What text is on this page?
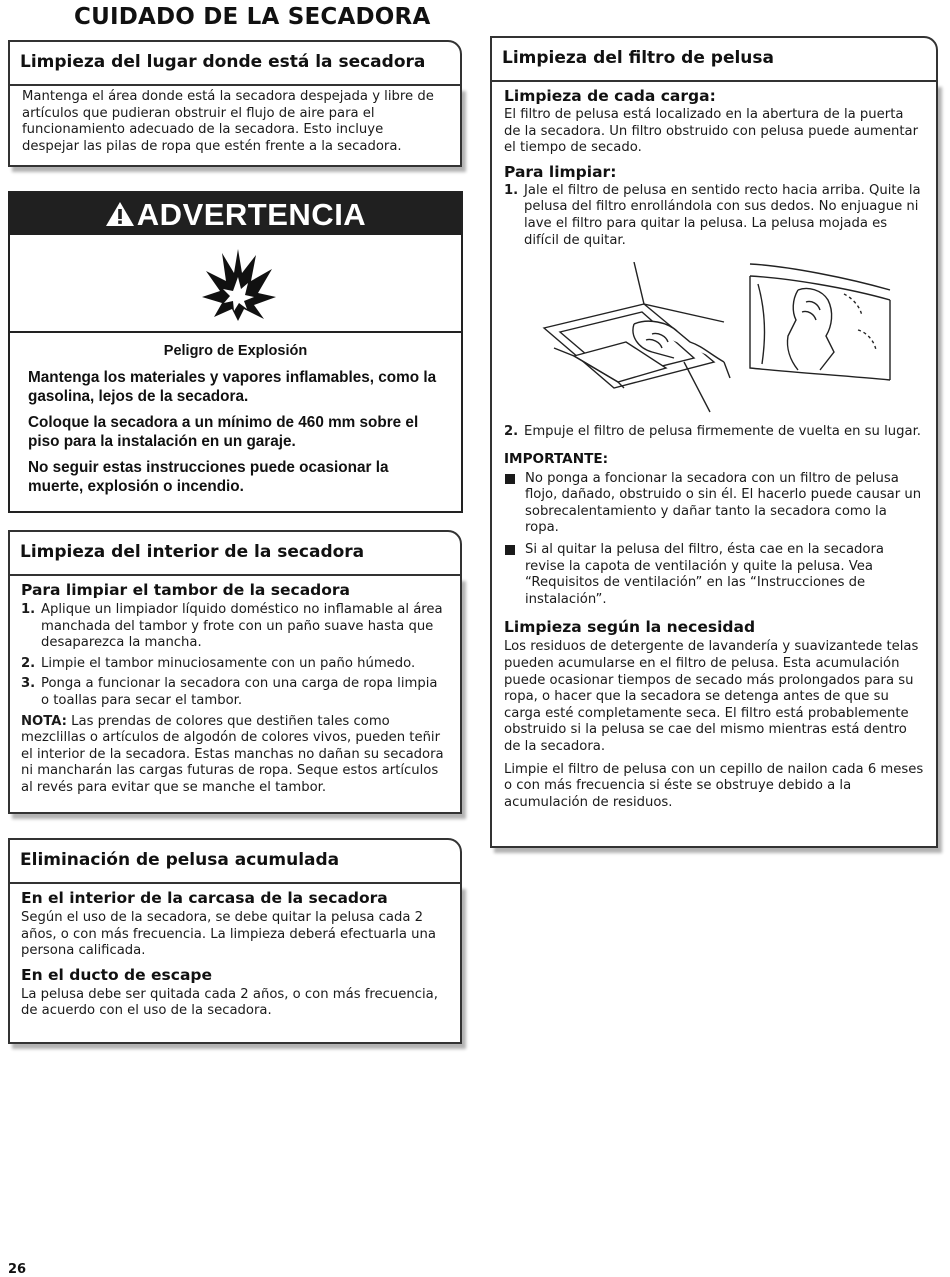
CUIDADO DE LA SECADORA
Limpieza del lugar donde está la secadora

Mantenga el área donde está la secadora despejada y libre de artículos que pudieran obstruir el flujo de aire para el funcionamiento adecuado de la secadora. Esto incluye despejar las pilas de ropa que estén frente a la secadora.

ADVERTENCIA

Peligro de Explosión

Mantenga los materiales y vapores inflamables, como la gasolina, lejos de la secadora.

Coloque la secadora a un mínimo de 460 mm sobre el piso para la instalación en un garaje.

No seguir estas instrucciones puede ocasionar la muerte, explosión o incendio.

Limpieza del interior de la secadora

Para limpiar el tambor de la secadora

1. Aplique un limpiador líquido doméstico no inflamable al área manchada del tambor y frote con un paño suave hasta que desaparezca la mancha.
2. Limpie el tambor minuciosamente con un paño húmedo.
3. Ponga a funcionar la secadora con una carga de ropa limpia o toallas para secar el tambor.

NOTA: Las prendas de colores que destiñen tales como mezclillas o artículos de algodón de colores vivos, pueden teñir el interior de la secadora. Estas manchas no dañan su secadora ni mancharán las cargas futuras de ropa. Seque estos artículos al revés para evitar que se manche el tambor.

Eliminación de pelusa acumulada

En el interior de la carcasa de la secadora

Según el uso de la secadora, se debe quitar la pelusa cada 2 años, o con más frecuencia. La limpieza deberá efectuarla una persona calificada.

En el ducto de escape

La pelusa debe ser quitada cada 2 años, o con más frecuencia, de acuerdo con el uso de la secadora.

Limpieza del filtro de pelusa

Limpieza de cada carga:

El filtro de pelusa está localizado en la abertura de la puerta de la secadora. Un filtro obstruido con pelusa puede aumentar el tiempo de secado.

Para limpiar:

1. Jale el filtro de pelusa en sentido recto hacia arriba. Quite la pelusa del filtro enrollándola con sus dedos. No enjuague ni lave el filtro para quitar la pelusa. La pelusa mojada es difícil de quitar.
2. Empuje el filtro de pelusa firmemente de vuelta en su lugar.

IMPORTANTE:

No ponga a foncionar la secadora con un filtro de pelusa flojo, dañado, obstruido o sin él. El hacerlo puede causar un sobrecalentamiento y dañar tanto la secadora como la ropa.
Si al quitar la pelusa del filtro, ésta cae en la secadora revise la capota de ventilación y quite la pelusa. Vea “Requisitos de ventilación” en las “Instrucciones de instalación”.

Limpieza según la necesidad

Los residuos de detergente de lavandería y suavizantede telas pueden acumularse en el filtro de pelusa. Esta acumulación puede ocasionar tiempos de secado más prolongados para su ropa, o hacer que la secadora se detenga antes de que su carga esté completamente seca. El filtro está probablemente obstruido si la pelusa se cae del mismo mientras está dentro de la secadora.

Limpie el filtro de pelusa con un cepillo de nailon cada 6 meses o con más frecuencia si éste se obstruye debido a la acumulación de residuos.

26
